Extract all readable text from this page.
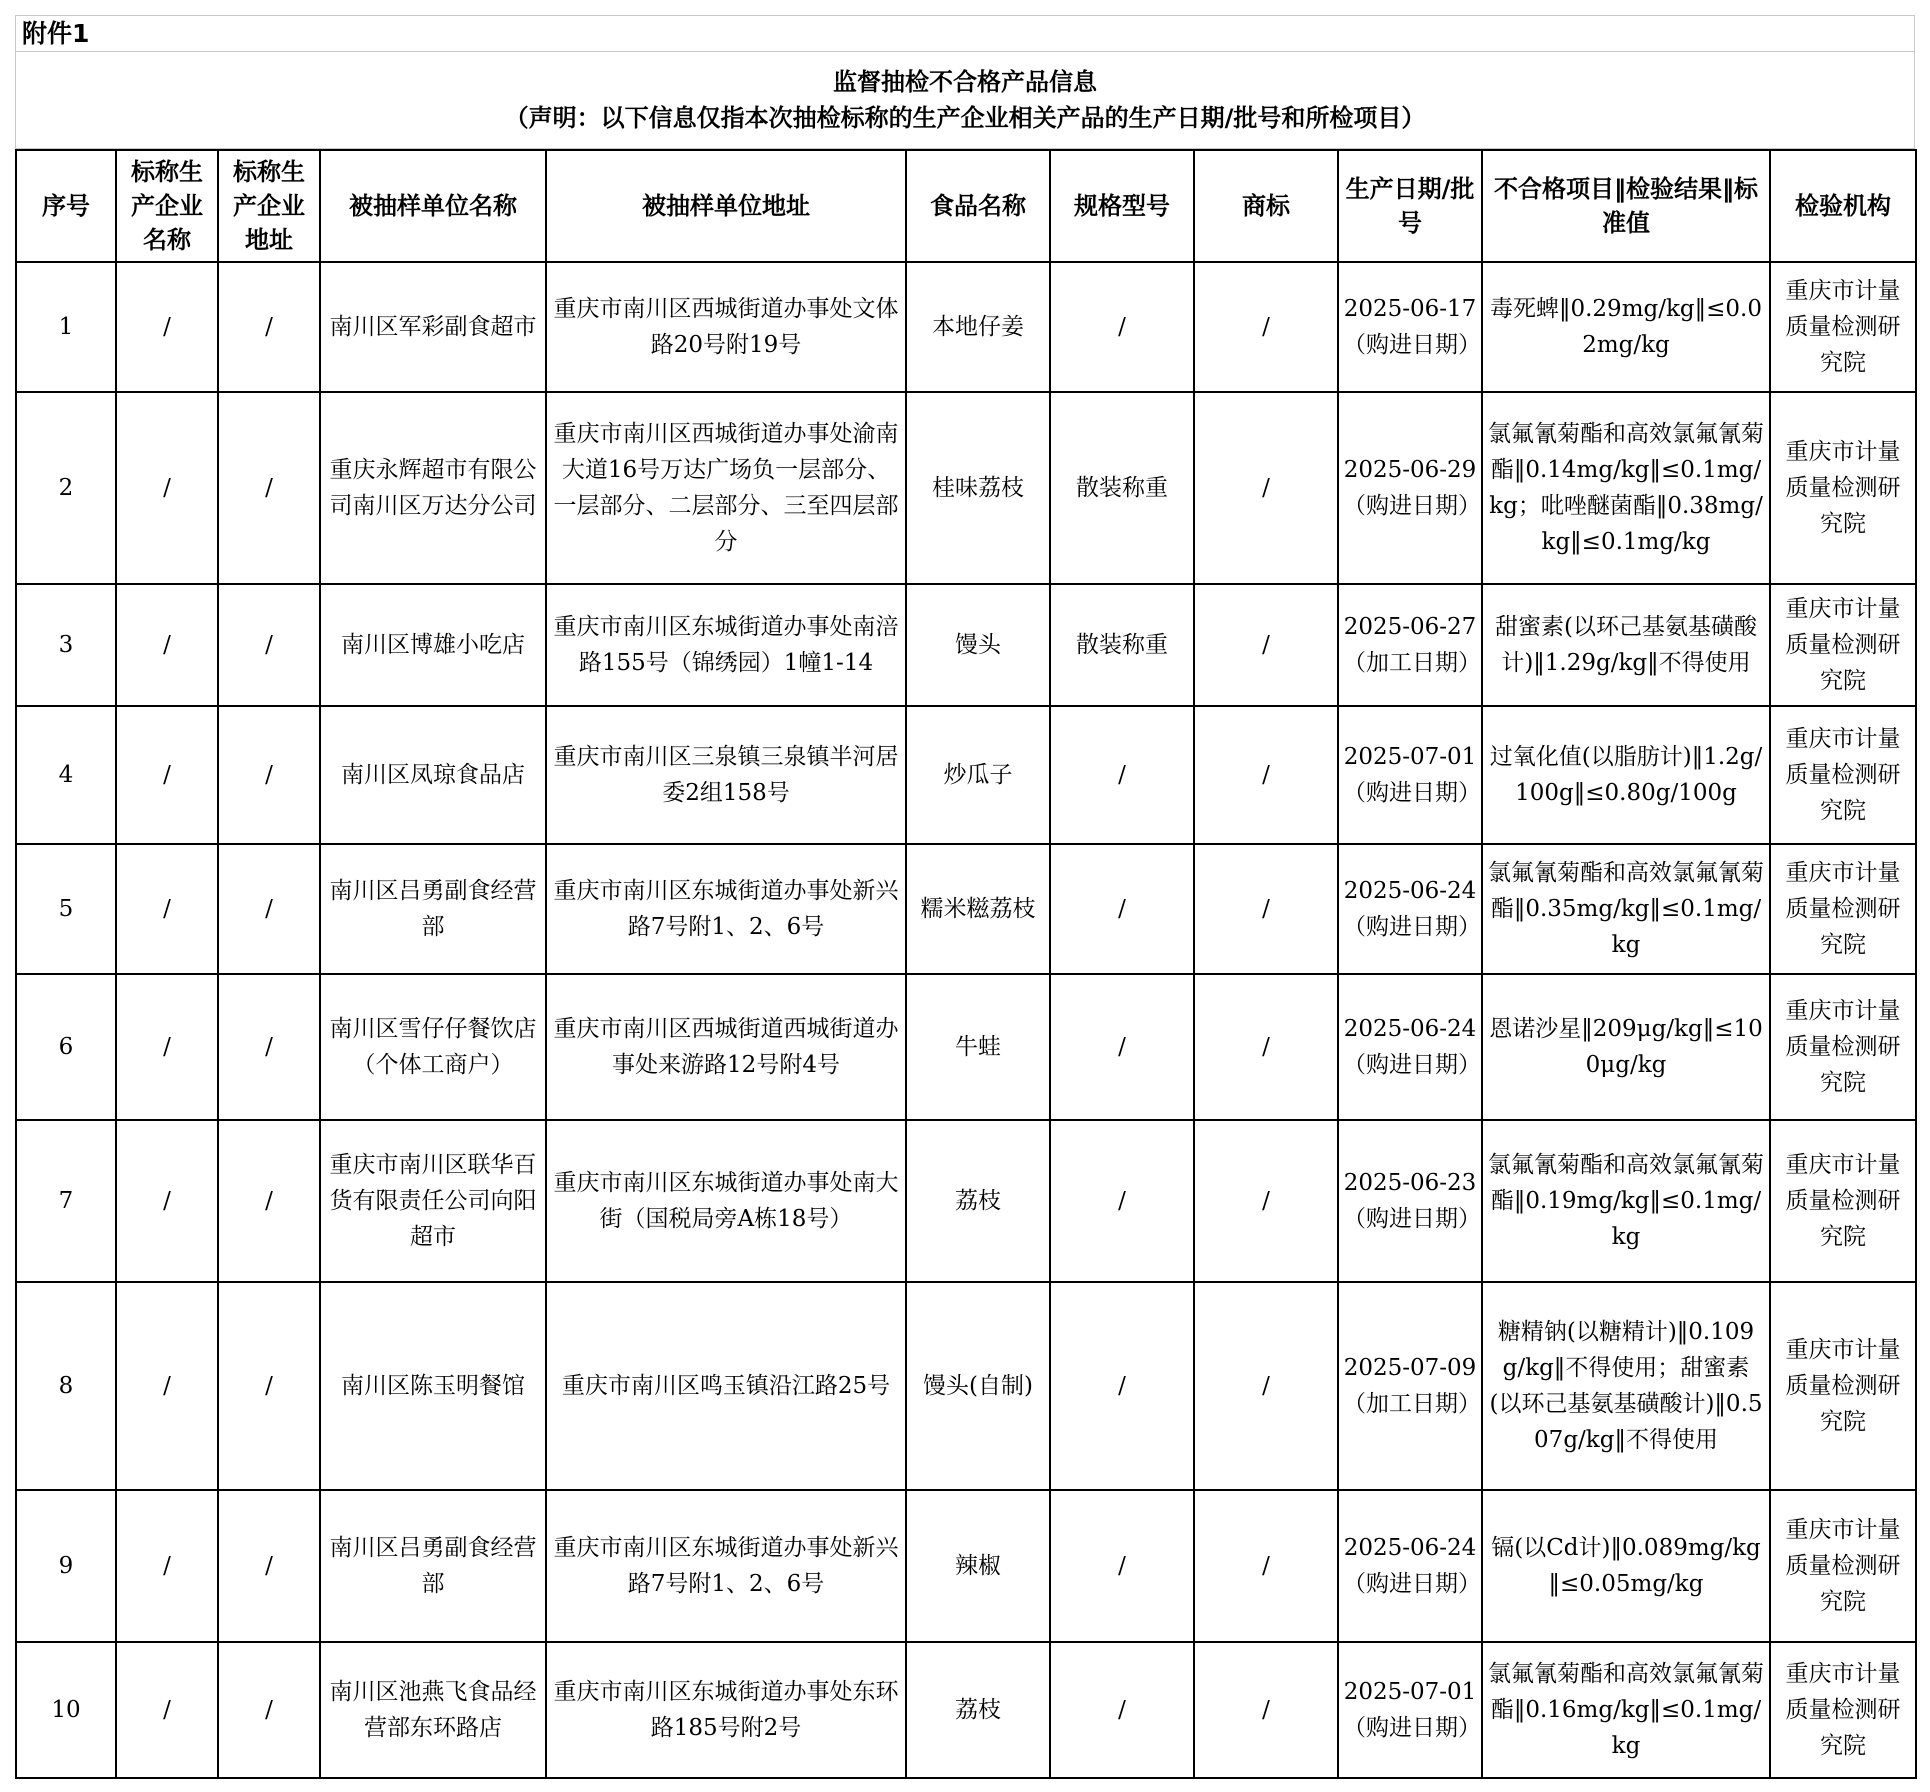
附件1
监督抽检不合格产品信息
（声明：以下信息仅指本次抽检标称的生产企业相关产品的生产日期/批号和所检项目）
序号	标称生产企业名称	标称生产企业地址	被抽样单位名称	被抽样单位地址	食品名称	规格型号	商标	生产日期/批号	不合格项目‖检验结果‖标准值	检验机构
1	/	/	南川区军彩副食超市	重庆市南川区西城街道办事处文体路20号附19号	本地仔姜	/	/	2025-06-17（购进日期）	毒死蜱‖0.29mg/kg‖≤0.02mg/kg	重庆市计量质量检测研究院
2	/	/	重庆永辉超市有限公司南川区万达分公司	重庆市南川区西城街道办事处渝南大道16号万达广场负一层部分、一层部分、二层部分、三至四层部分	桂味荔枝	散装称重	/	2025-06-29（购进日期）	氯氟氰菊酯和高效氯氟氰菊酯‖0.14mg/kg‖≤0.1mg/kg；吡唑醚菌酯‖0.38mg/kg‖≤0.1mg/kg	重庆市计量质量检测研究院
3	/	/	南川区博雄小吃店	重庆市南川区东城街道办事处南涪路155号（锦绣园）1幢1-14	馒头	散装称重	/	2025-06-27（加工日期）	甜蜜素(以环己基氨基磺酸计)‖1.29g/kg‖不得使用	重庆市计量质量检测研究院
4	/	/	南川区凤琼食品店	重庆市南川区三泉镇三泉镇半河居委2组158号	炒瓜子	/	/	2025-07-01（购进日期）	过氧化值(以脂肪计)‖1.2g/100g‖≤0.80g/100g	重庆市计量质量检测研究院
5	/	/	南川区吕勇副食经营部	重庆市南川区东城街道办事处新兴路7号附1、2、6号	糯米糍荔枝	/	/	2025-06-24（购进日期）	氯氟氰菊酯和高效氯氟氰菊酯‖0.35mg/kg‖≤0.1mg/kg	重庆市计量质量检测研究院
6	/	/	南川区雪仔仔餐饮店（个体工商户）	重庆市南川区西城街道西城街道办事处来游路12号附4号	牛蛙	/	/	2025-06-24（购进日期）	恩诺沙星‖209μg/kg‖≤100μg/kg	重庆市计量质量检测研究院
7	/	/	重庆市南川区联华百货有限责任公司向阳超市	重庆市南川区东城街道办事处南大街（国税局旁A栋18号）	荔枝	/	/	2025-06-23（购进日期）	氯氟氰菊酯和高效氯氟氰菊酯‖0.19mg/kg‖≤0.1mg/kg	重庆市计量质量检测研究院
8	/	/	南川区陈玉明餐馆	重庆市南川区鸣玉镇沿江路25号	馒头(自制)	/	/	2025-07-09（加工日期）	糖精钠(以糖精计)‖0.109g/kg‖不得使用；甜蜜素(以环己基氨基磺酸计)‖0.507g/kg‖不得使用	重庆市计量质量检测研究院
9	/	/	南川区吕勇副食经营部	重庆市南川区东城街道办事处新兴路7号附1、2、6号	辣椒	/	/	2025-06-24（购进日期）	镉(以Cd计)‖0.089mg/kg‖≤0.05mg/kg	重庆市计量质量检测研究院
10	/	/	南川区池燕飞食品经营部东环路店	重庆市南川区东城街道办事处东环路185号附2号	荔枝	/	/	2025-07-01（购进日期）	氯氟氰菊酯和高效氯氟氰菊酯‖0.16mg/kg‖≤0.1mg/kg	重庆市计量质量检测研究院
